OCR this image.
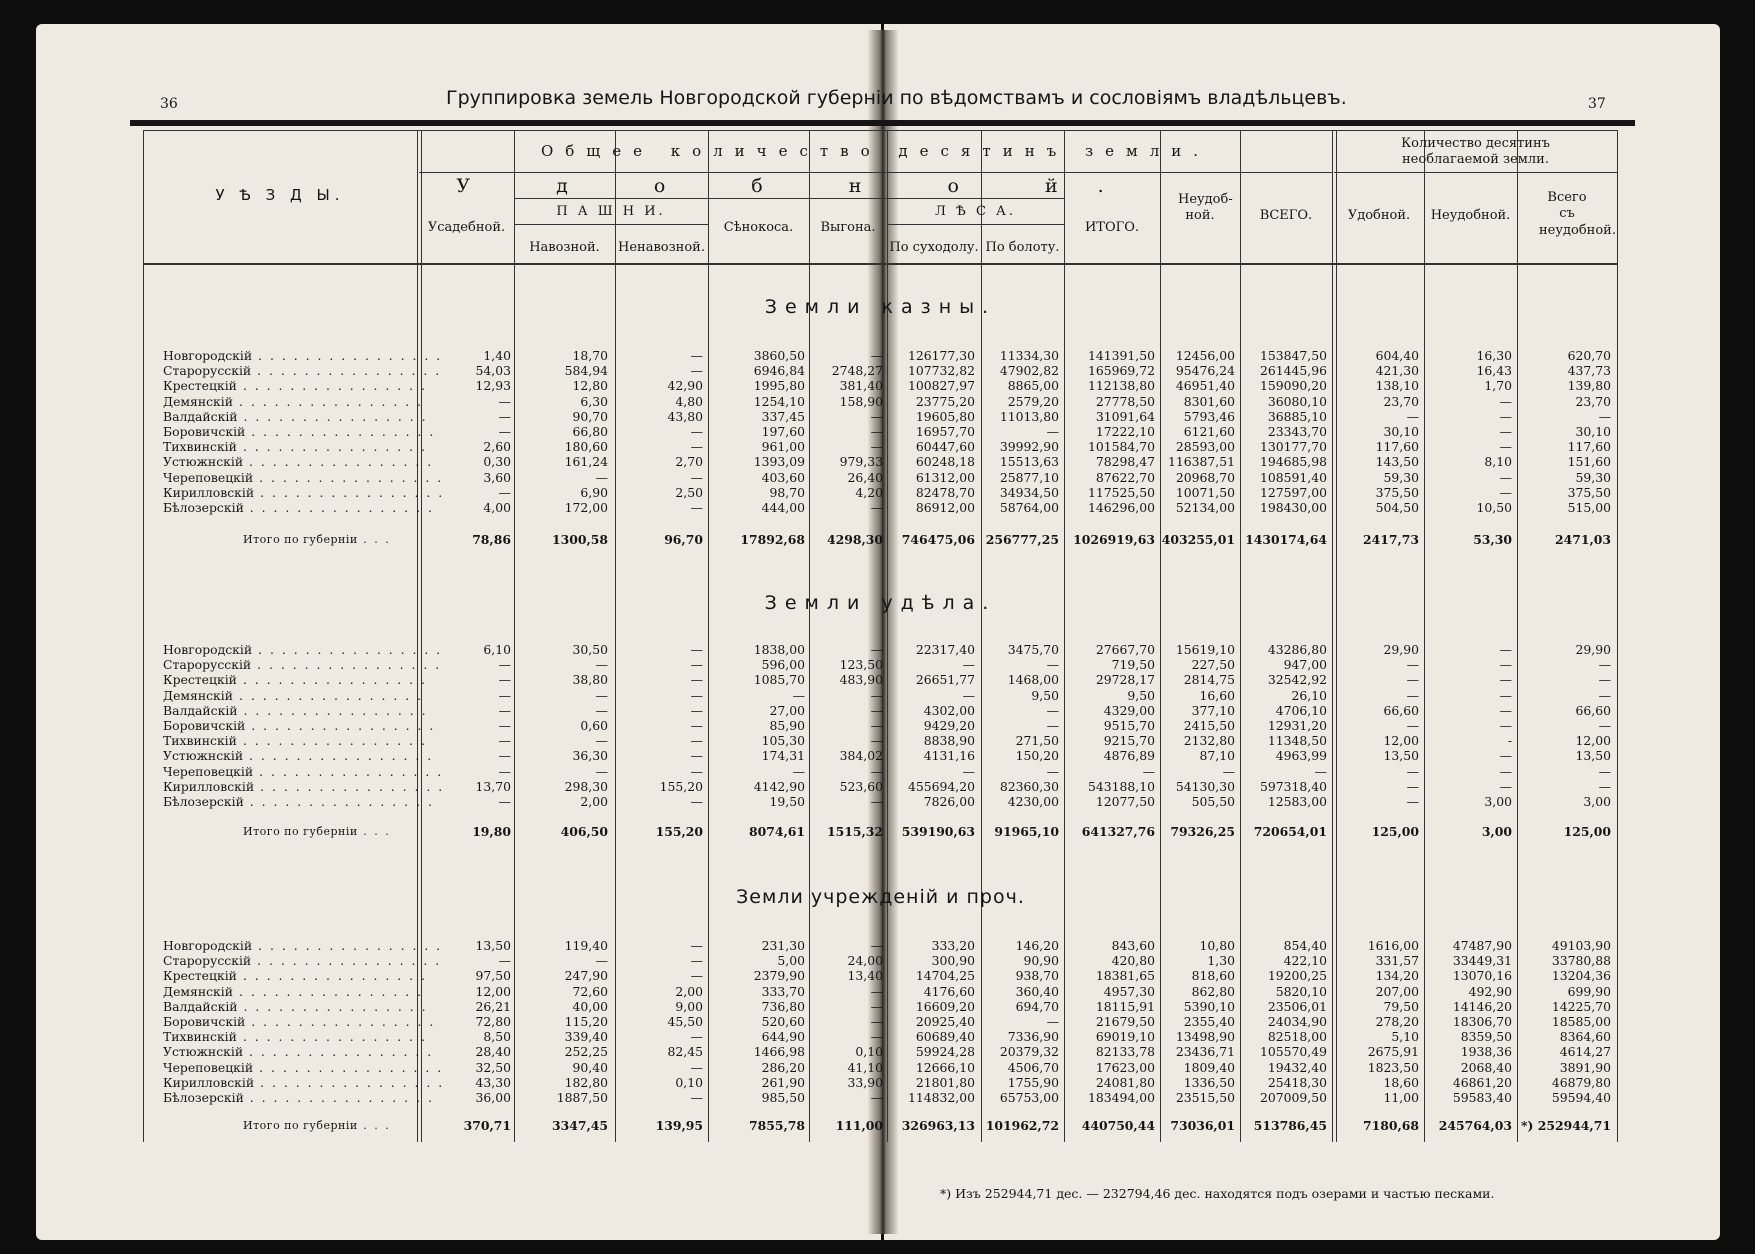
36	37
Группировка земель Новгородской губерніи по вѣдомствамъ и сословіямъ владѣльцевъ.
У Ѣ З Д Ы.
Общее количество десятинъ земли.
У д о б н о й.
Усадебной.
П А Ш Н И.
Навозной.	Ненавозной.
Сѣнокоса.	Выгона.
Л Ѣ С А.
По суходолу. По болоту.
ИТОГО.
Неудоб-ной.	ВСЕГО.
Количество десятинъ необлагаемой земли.
Удобной.	Неудобной.
Всего съ неудобной.
Земли казны.
Земли удѣла.
Земли учрежденій и проч.
Новгородскій . . . . . . . . . . . . . . . .	1,40	18,70	—	3860,50	— 126177,30 11334,30 141391,50 12456,00 153847,50	604,40	16,30	620,70
Старорусскій . . . . . . . . . . . . . . . .	54,03	584,94	—	6946,84 2748,27 107732,82 47902,82 165969,72 95476,24 261445,96	421,30	16,43	437,73
Крестецкій . . . . . . . . . . . . . . . .	12,93	12,80	42,90	1995,80	381,40 100827,97	8865,00 112138,80 46951,40 159090,20	138,10	1,70	139,80
Демянскій . . . . . . . . . . . . . . . .	—	6,30	4,80	1254,10	158,90	23775,20	2579,20	27778,50 8301,60	36080,10	23,70	—	23,70
Валдайскій . . . . . . . . . . . . . . . .	—	90,70	43,80	337,45	—	19605,80 11013,80	31091,64 5793,46	36885,10	—	—	—
Боровичскій . . . . . . . . . . . . . . . .	—	66,80	—	197,60	—	16957,70	—	17222,10 6121,60	23343,70	30,10	—	30,10
Тихвинскій . . . . . . . . . . . . . . . .	2,60	180,60	—	961,00	—	60447,60 39992,90 101584,70 28593,00 130177,70	117,60	—	117,60
Устюжнскій . . . . . . . . . . . . . . . .	0,30	161,24	2,70	1393,09	979,33	60248,18 15513,63	78298,47 116387,51 194685,98	143,50	8,10	151,60
Череповецкій . . . . . . . . . . . . . . . .	3,60	—	—	403,60	26,40	61312,00 25877,10	87622,70 20968,70 108591,40	59,30	—	59,30
Кирилловскій . . . . . . . . . . . . . . . .	—	6,90	2,50	98,70	4,20	82478,70 34934,50 117525,50 10071,50 127597,00	375,50	—	375,50
Бѣлозерскій . . . . . . . . . . . . . . . .	4,00	172,00	—	444,00	—	86912,00 58764,00 146296,00 52134,00 198430,00	504,50	10,50	515,00
Итого по губерніи . . .	78,86	1300,58	96,70	17892,68 4298,30 746475,06 256777,25 1026919,63 403255,01 1430174,64	2417,73	53,30	2471,03
Новгородскій . . . . . . . . . . . . . . . .	6,10	30,50	—	1838,00	—	22317,40	3475,70	27667,70 15619,10	43286,80	29,90	—	29,90
Старорусскій . . . . . . . . . . . . . . . .	—	—	—	596,00	123,50	—	—	719,50	227,50	947,00	—	—	—
Крестецкій . . . . . . . . . . . . . . . .	—	38,80	—	1085,70	483,90	26651,77	1468,00	29728,17 2814,75	32542,92	—	—	—
Демянскій . . . . . . . . . . . . . . . .	—	—	—	—	—	—	9,50	9,50	16,60	26,10	—	—	—
Валдайскій . . . . . . . . . . . . . . . .	—	—	—	27,00	—	4302,00	—	4329,00	377,10	4706,10	66,60	—	66,60
Боровичскій . . . . . . . . . . . . . . . .	—	0,60	—	85,90	—	9429,20	—	9515,70 2415,50	12931,20	—	—	—
Тихвинскій . . . . . . . . . . . . . . . .	—	—	—	105,30	—	8838,90	271,50	9215,70 2132,80	11348,50	12,00	-	12,00
Устюжнскій . . . . . . . . . . . . . . . .	—	36,30	—	174,31	384,02	4131,16	150,20	4876,89	87,10	4963,99	13,50	—	13,50
Череповецкій . . . . . . . . . . . . . . . .	—	—	—	—	—	—	—	—	—	—	—	—	—
Кирилловскій . . . . . . . . . . . . . . . .	13,70	298,30	155,20	4142,90	523,60 455694,20 82360,30 543188,10 54130,30 597318,40	—	—	—
Бѣлозерскій . . . . . . . . . . . . . . . .	—	2,00	—	19,50	—	7826,00	4230,00	12077,50	505,50	12583,00	—	3,00	3,00
Итого по губерніи . . .	19,80	406,50	155,20	8074,61 1515,32 539190,63 91965,10 641327,76 79326,25 720654,01	125,00	3,00	125,00
Новгородскій . . . . . . . . . . . . . . . .	13,50	119,40	—	231,30	—	333,20	146,20	843,60	10,80	854,40	1616,00	47487,90	49103,90
Старорусскій . . . . . . . . . . . . . . . .	—	—	—	5,00	24,00	300,90	90,90	420,80	1,30	422,10	331,57	33449,31	33780,88
Крестецкій . . . . . . . . . . . . . . . .	97,50	247,90	—	2379,90	13,40	14704,25	938,70	18381,65	818,60	19200,25	134,20	13070,16	13204,36
Демянскій . . . . . . . . . . . . . . . .	12,00	72,60	2,00	333,70	—	4176,60	360,40	4957,30	862,80	5820,10	207,00	492,90	699,90
Валдайскій . . . . . . . . . . . . . . . .	26,21	40,00	9,00	736,80	—	16609,20	694,70	18115,91 5390,10	23506,01	79,50	14146,20	14225,70
Боровичскій . . . . . . . . . . . . . . . .	72,80	115,20	45,50	520,60	—	20925,40	—	21679,50 2355,40	24034,90	278,20	18306,70	18585,00
Тихвинскій . . . . . . . . . . . . . . . .	8,50	339,40	—	644,90	—	60689,40	7336,90	69019,10 13498,90	82518,00	5,10	8359,50	8364,60
Устюжнскій . . . . . . . . . . . . . . . .	28,40	252,25	82,45	1466,98	0,10	59924,28 20379,32	82133,78 23436,71 105570,49	2675,91	1938,36	4614,27
Череповецкій . . . . . . . . . . . . . . . .	32,50	90,40	—	286,20	41,10	12666,10	4506,70	17623,00 1809,40	19432,40	1823,50	2068,40	3891,90
Кирилловскій . . . . . . . . . . . . . . . .	43,30	182,80	0,10	261,90	33,90	21801,80	1755,90	24081,80 1336,50	25418,30	18,60	46861,20	46879,80
Бѣлозерскій . . . . . . . . . . . . . . . .	36,00	1887,50	—	985,50	— 114832,00 65753,00 183494,00 23515,50 207009,50	11,00	59583,40	59594,40
Итого по губерніи . . .	370,71	3347,45	139,95	7855,78 111,00 326963,13 101962,72 440750,44 73036,01 513786,45	7180,68 245764,03 *) 252944,71
*) Изъ 252944,71 дес. — 232794,46 дес. находятся подъ озерами и частью песками.
